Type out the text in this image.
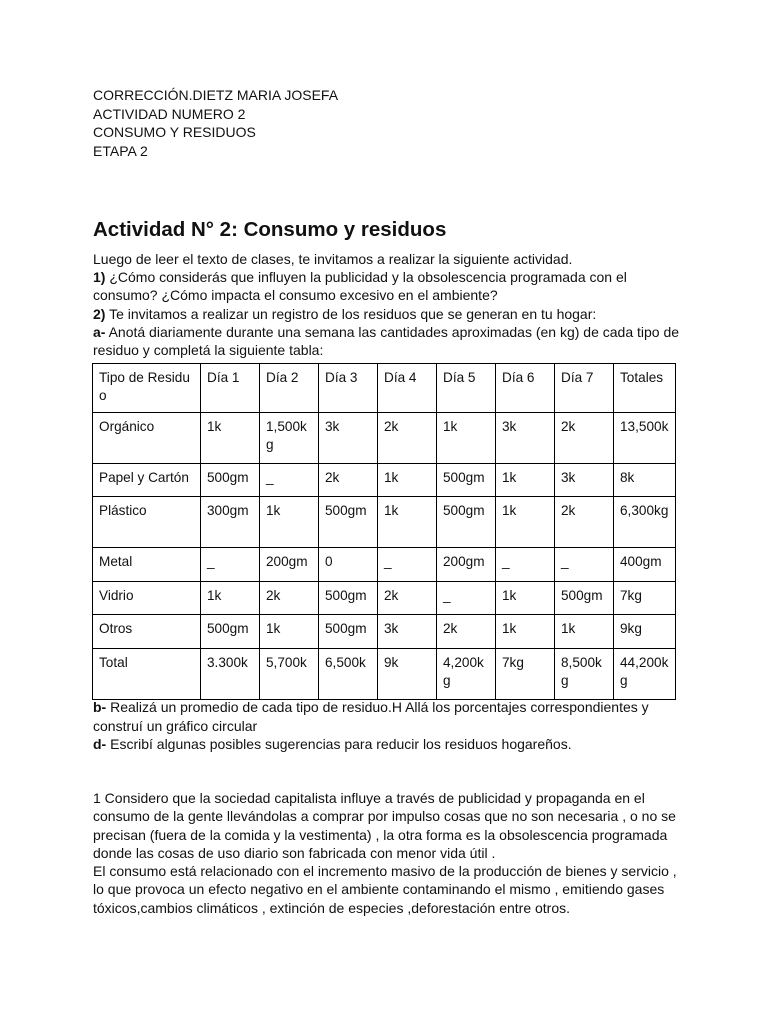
CORRECCIÓN.DIETZ MARIA JOSEFA
ACTIVIDAD NUMERO 2
CONSUMO Y RESIDUOS
ETAPA 2
Actividad N° 2: Consumo y residuos

Luego de leer el texto de clases, te invitamos a realizar la siguiente actividad.

1) ¿Cómo considerás que influyen la publicidad y la obsolescencia programada con el consumo? ¿Cómo impacta el consumo excesivo en el ambiente?

2) Te invitamos a realizar un registro de los residuos que se generan en tu hogar:

a- Anotá diariamente durante una semana las cantidades aproximadas (en kg) de cada tipo de residuo y completá la siguiente tabla:

Tipo de Residuo	Día 1	Día 2	Día 3	Día 4	Día 5	Día 6	Día 7	Totales
Orgánico	1k	1,500kg	3k	2k	1k	3k	2k	13,500k
Papel y Cartón	500gm	_	2k	1k	500gm	1k	3k	8k
Plástico	300gm	1k	500gm	1k	500gm	1k	2k	6,300kg
Metal	_	200gm	0	_	200gm	_	_	400gm
Vidrio	1k	2k	500gm	2k	_	1k	500gm	7kg
Otros	500gm	1k	500gm	3k	2k	1k	1k	9kg
Total	3.300k	5,700k	6,500k	9k	4,200kg	7kg	8,500kg	44,200kg

b- Realizá un promedio de cada tipo de residuo.H Allá los porcentajes correspondientes y construí un gráfico circular

d- Escribí algunas posibles sugerencias para reducir los residuos hogareños.

1 Considero que la sociedad capitalista influye a través de publicidad y propaganda en el consumo de la gente llevándolas a comprar por impulso cosas que no son necesaria , o no se precisan (fuera de la comida y la vestimenta) , la otra forma es la obsolescencia programada donde las cosas de uso diario son fabricada con menor vida útil .

El consumo está relacionado con el incremento masivo de la producción de bienes y servicio , lo que provoca un efecto negativo en el ambiente contaminando el mismo , emitiendo gases tóxicos,cambios climáticos , extinción de especies ,deforestación entre otros.
